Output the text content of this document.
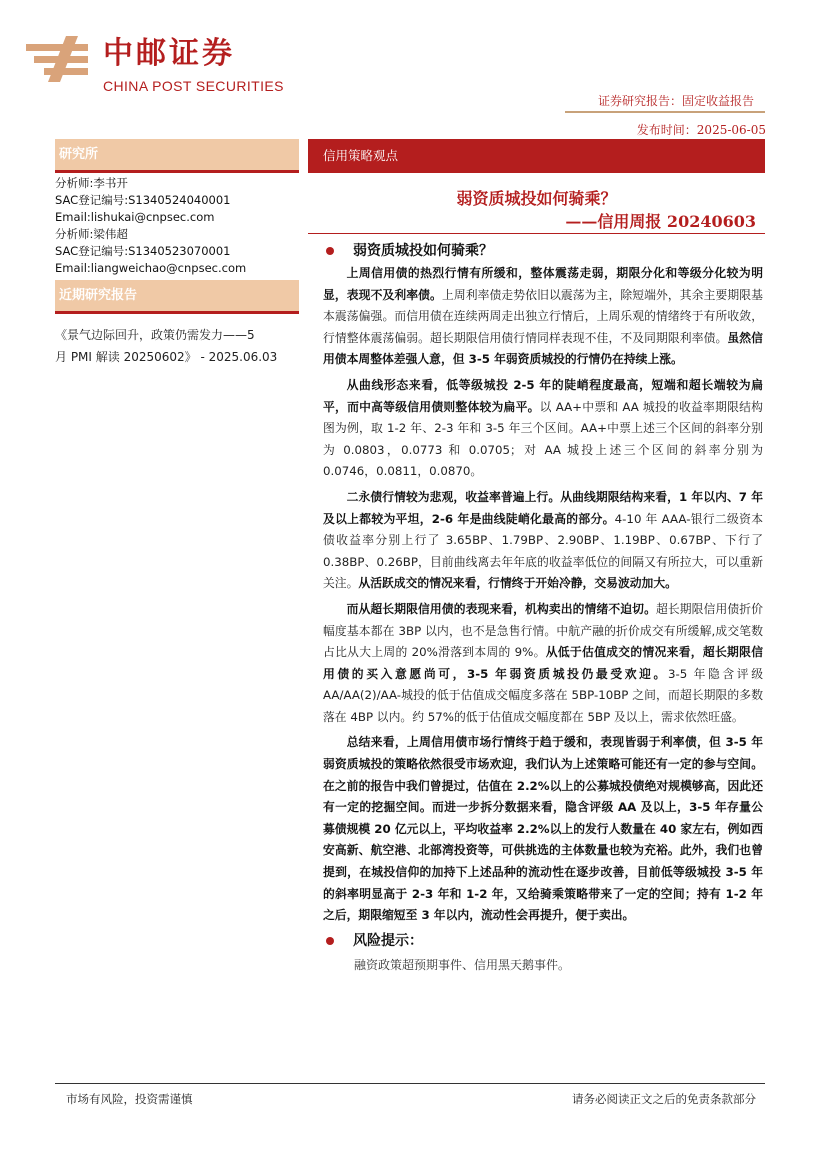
中邮证券
CHINA POST SECURITIES
证券研究报告：固定收益报告
发布时间：2025-06-05
研究所
分析师:李书开
SAC登记编号:S1340524040001
Email:lishukai@cnpsec.com
分析师:梁伟超
SAC登记编号:S1340523070001
Email:liangweichao@cnpsec.com
近期研究报告
《景气边际回升，政策仍需发力——5
月 PMI 解读 20250602》 - 2025.06.03
信用策略观点
弱资质城投如何骑乘？
——信用周报 20240603
弱资质城投如何骑乘？

上周信用债的热烈行情有所缓和，整体震荡走弱，期限分化和等级分化较为明显，表现不及利率债。上周利率债走势依旧以震荡为主，除短端外，其余主要期限基本震荡偏强。而信用债在连续两周走出独立行情后，上周乐观的情绪终于有所收敛，行情整体震荡偏弱。超长期限信用债行情同样表现不佳，不及同期限利率债。虽然信用债本周整体差强人意，但 3-5 年弱资质城投的行情仍在持续上涨。

从曲线形态来看，低等级城投 2-5 年的陡峭程度最高，短端和超长端较为扁平，而中高等级信用债则整体较为扁平。以 AA+中票和 AA 城投的收益率期限结构图为例，取 1-2 年、2-3 年和 3-5 年三个区间。AA+中票上述三个区间的斜率分别为 0.0803，0.0773 和 0.0705；对 AA 城投上述三个区间的斜率分别为 0.0746，0.0811，0.0870。

二永债行情较为悲观，收益率普遍上行。从曲线期限结构来看，1 年以内、7 年及以上都较为平坦，2-6 年是曲线陡峭化最高的部分。4-10 年 AAA-银行二级资本债收益率分别上行了 3.65BP、1.79BP、2.90BP、1.19BP、0.67BP、下行了 0.38BP、0.26BP，目前曲线离去年年底的收益率低位的间隔又有所拉大，可以重新关注。从活跃成交的情况来看，行情终于开始冷静，交易波动加大。

而从超长期限信用债的表现来看，机构卖出的情绪不迫切。超长期限信用债折价幅度基本都在 3BP 以内，也不是急售行情。中航产融的折价成交有所缓解,成交笔数占比从大上周的 20%滑落到本周的 9%。从低于估值成交的情况来看，超长期限信用债的买入意愿尚可，3-5 年弱资质城投仍最受欢迎。3-5 年隐含评级 AA/AA(2)/AA-城投的低于估值成交幅度多落在 5BP-10BP 之间，而超长期限的多数落在 4BP 以内。约 57%的低于估值成交幅度都在 5BP 及以上，需求依然旺盛。

总结来看，上周信用债市场行情终于趋于缓和，表现皆弱于利率债，但 3-5 年弱资质城投的策略依然很受市场欢迎，我们认为上述策略可能还有一定的参与空间。在之前的报告中我们曾提过，估值在 2.2%以上的公募城投债绝对规模够高，因此还有一定的挖掘空间。而进一步拆分数据来看，隐含评级 AA 及以上，3-5 年存量公募债规模 20 亿元以上，平均收益率 2.2%以上的发行人数量在 40 家左右，例如西安高新、航空港、北部湾投资等，可供挑选的主体数量也较为充裕。此外，我们也曾提到，在城投信仰的加持下上述品种的流动性在逐步改善，目前低等级城投 3-5 年的斜率明显高于 2-3 年和 1-2 年，又给骑乘策略带来了一定的空间；持有 1-2 年之后，期限缩短至 3 年以内，流动性会再提升，便于卖出。

风险提示：
融资政策超预期事件、信用黑天鹅事件。
市场有风险，投资需谨慎	请务必阅读正文之后的免责条款部分
